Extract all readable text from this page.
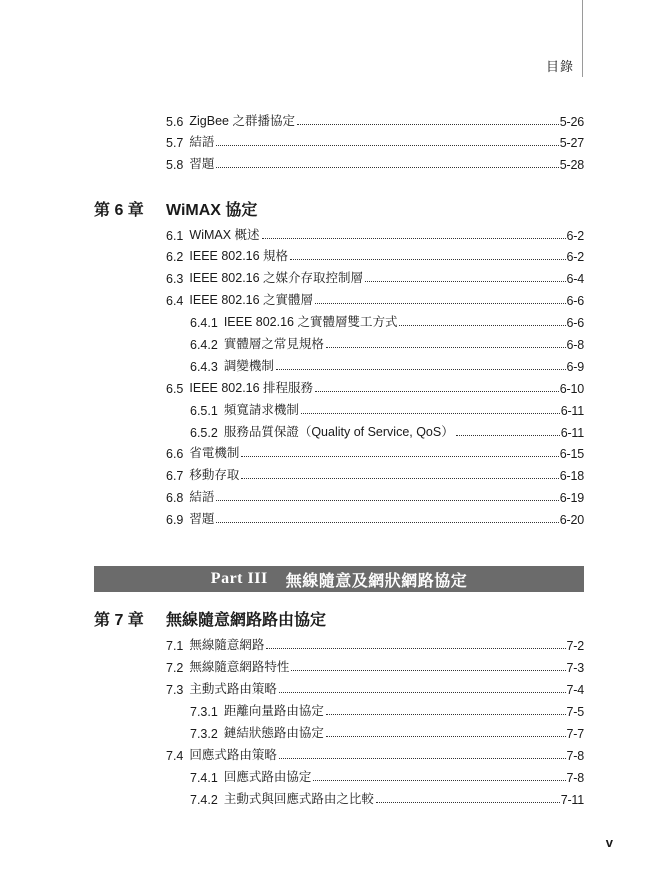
目錄
5.6 ZigBee 之群播協定	5-26
5.7 結語	5-27
5.8 習題	5-28
第 6 章	WiMAX 協定
6.1 WiMAX 概述	6-2
6.2 IEEE 802.16 規格	6-2
6.3 IEEE 802.16 之媒介存取控制層	6-4
6.4 IEEE 802.16 之實體層	6-6
6.4.1 IEEE 802.16 之實體層雙工方式	6-6
6.4.2 實體層之常見規格	6-8
6.4.3 調變機制	6-9
6.5 IEEE 802.16 排程服務	6-10
6.5.1 頻寬請求機制	6-11
6.5.2 服務品質保證（Quality of Service, QoS）	6-11
6.6 省電機制	6-15
6.7 移動存取	6-18
6.8 結語	6-19
6.9 習題	6-20
Part III 無線隨意及網狀網路協定
第 7 章	無線隨意網路路由協定
7.1 無線隨意網路	7-2
7.2 無線隨意網路特性	7-3
7.3 主動式路由策略	7-4
7.3.1 距離向量路由協定	7-5
7.3.2 鏈結狀態路由協定	7-7
7.4 回應式路由策略	7-8
7.4.1 回應式路由協定	7-8
7.4.2 主動式與回應式路由之比較	7-11
v
